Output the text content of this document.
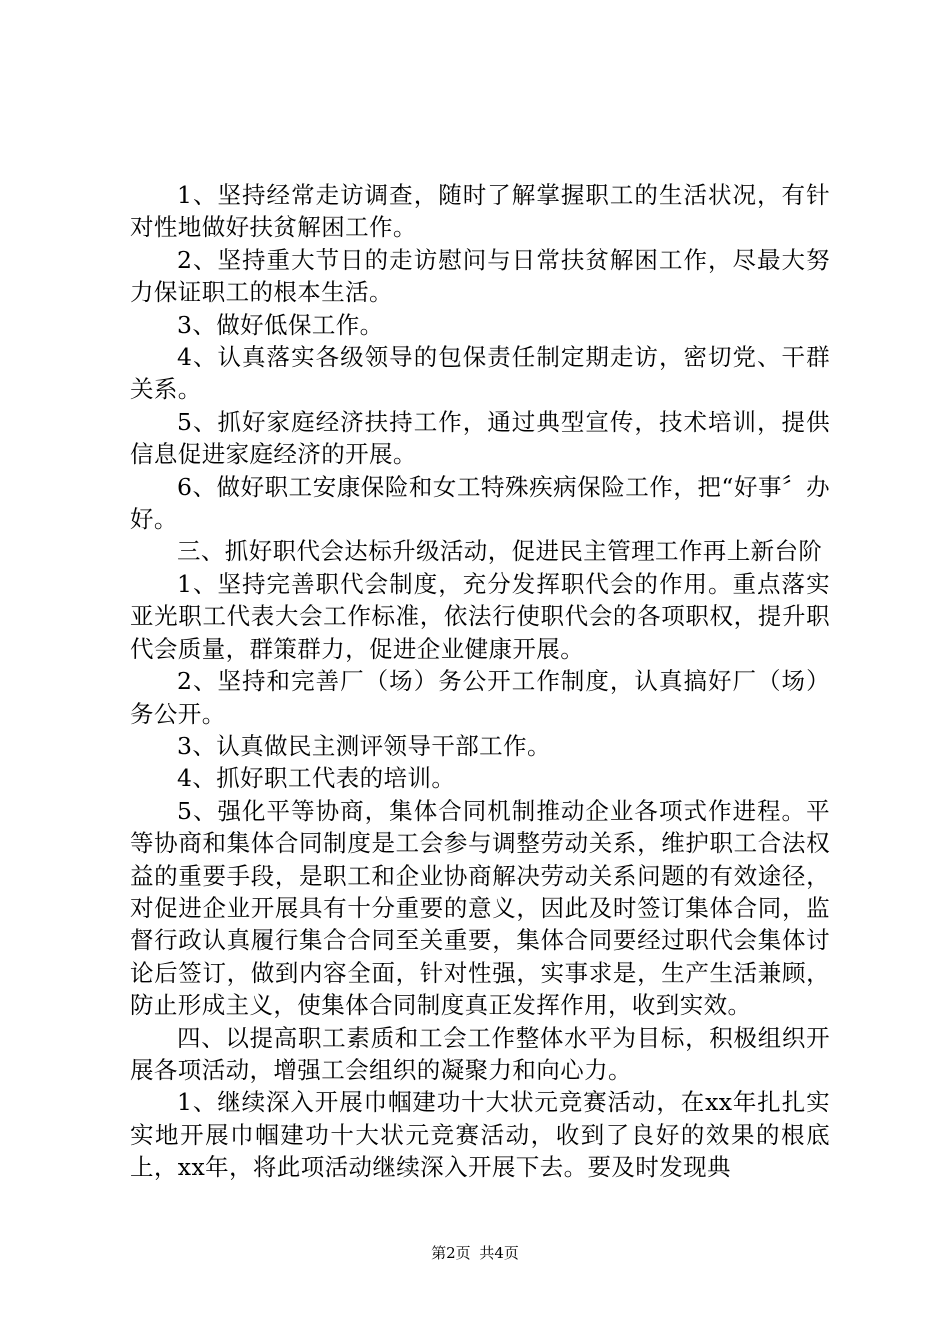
1、坚持经常走访调查，随时了解掌握职工的生活状况，有针对性地做好扶贫解困工作。

2、坚持重大节日的走访慰问与日常扶贫解困工作，尽最大努力保证职工的根本生活。

3、做好低保工作。

4、认真落实各级领导的包保责任制定期走访，密切党、干群关系。

5、抓好家庭经济扶持工作，通过典型宣传，技术培训，提供信息促进家庭经济的开展。

6、做好职工安康保险和女工特殊疾病保险工作，把“好事〞办好。

三、抓好职代会达标升级活动，促进民主管理工作再上新台阶

1、坚持完善职代会制度，充分发挥职代会的作用。重点落实亚光职工代表大会工作标准，依法行使职代会的各项职权，提升职代会质量，群策群力，促进企业健康开展。

2、坚持和完善厂（场）务公开工作制度，认真搞好厂（场）务公开。

3、认真做民主测评领导干部工作。

4、抓好职工代表的培训。

5、强化平等协商，集体合同机制推动企业各项式作进程。平等协商和集体合同制度是工会参与调整劳动关系，维护职工合法权益的重要手段，是职工和企业协商解决劳动关系问题的有效途径，对促进企业开展具有十分重要的意义，因此及时签订集体合同，监督行政认真履行集合合同至关重要，集体合同要经过职代会集体讨论后签订，做到内容全面，针对性强，实事求是，生产生活兼顾，防止形成主义，使集体合同制度真正发挥作用，收到实效。

四、以提高职工素质和工会工作整体水平为目标，积极组织开展各项活动，增强工会组织的凝聚力和向心力。

1、继续深入开展巾帼建功十大状元竞赛活动，在xx年扎扎实实地开展巾帼建功十大状元竞赛活动，收到了良好的效果的根底上，xx年，将此项活动继续深入开展下去。要及时发现典

第2页 共4页
